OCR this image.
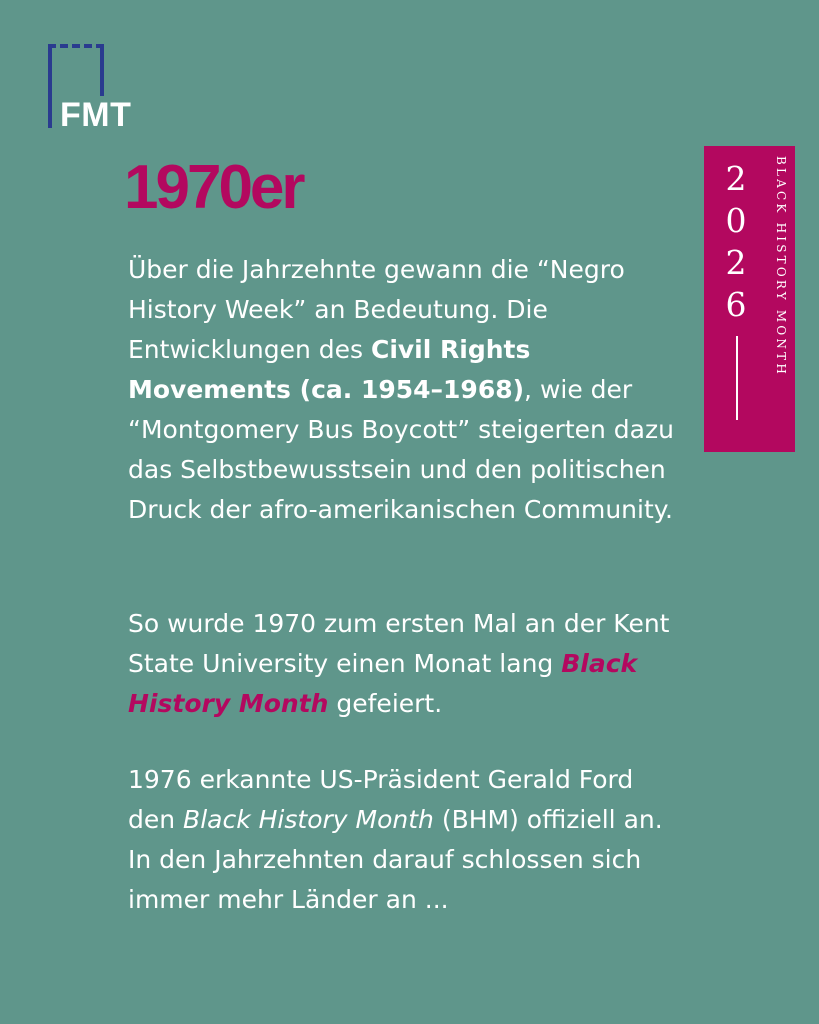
FMT
1970er

Über die Jahrzehnte gewann die “Negro History Week” an Bedeutung. Die Entwicklungen des Civil Rights Movements (ca. 1954–1968), wie der “Montgomery Bus Boycott” steigerten dazu das Selbstbewusstsein und den politischen Druck der afro-amerikanischen Community.

So wurde 1970 zum ersten Mal an der Kent State University einen Monat lang Black History Month gefeiert.

1976 erkannte US-Präsident Gerald Ford den Black History Month (BHM) offiziell an. In den Jahrzehnten darauf schlossen sich immer mehr Länder an ...

2
0
2
6	BLACK HISTORY MONTH
